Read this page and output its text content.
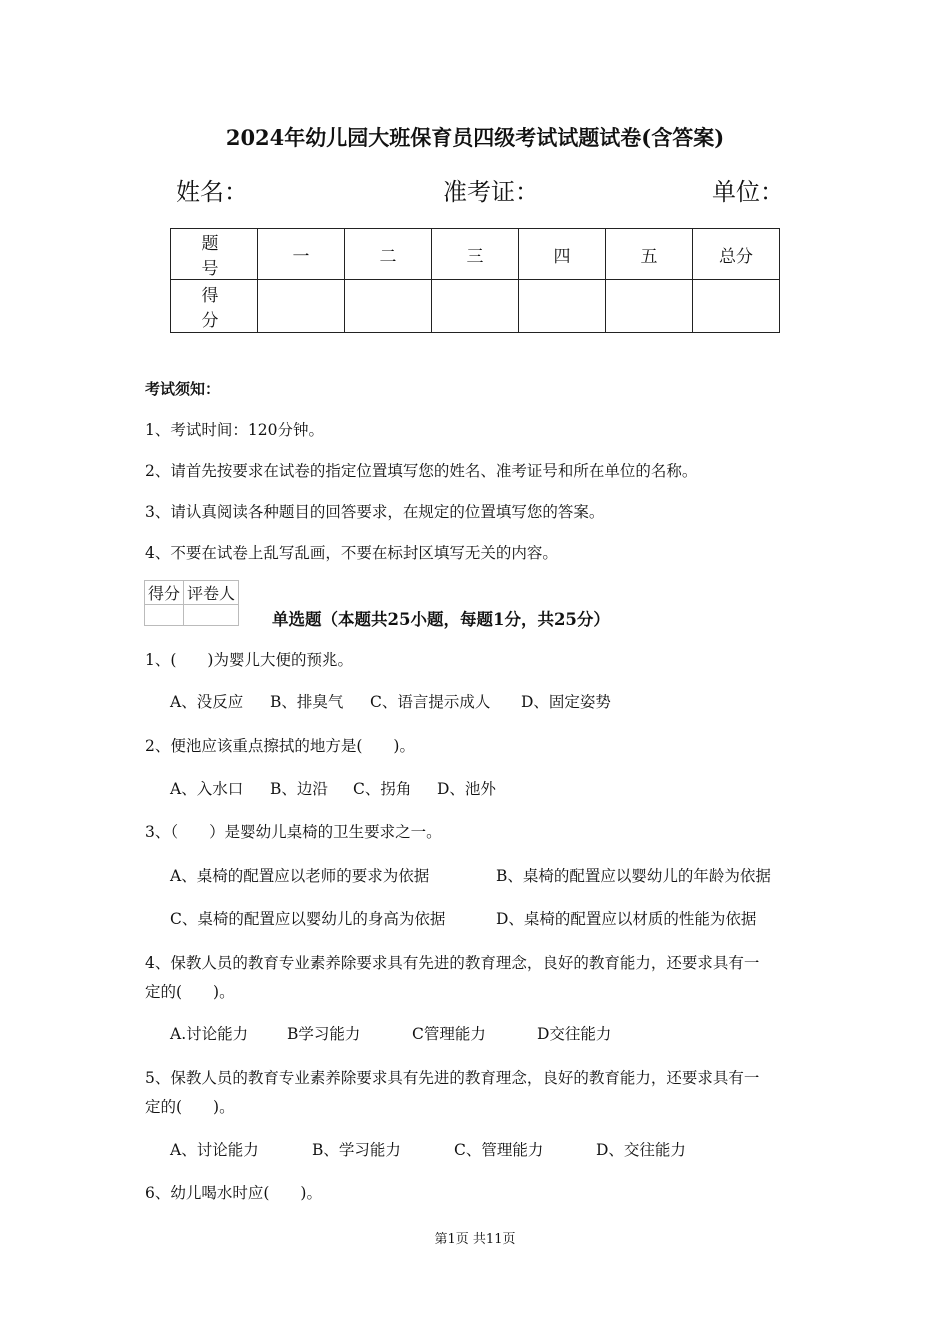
2024年幼儿园大班保育员四级考试试题试卷(含答案)
姓名：	准考证：	单位：
题　号	一	二	三	四	五	总分
得　分						
考试须知：
1、考试时间：120分钟。
2、请首先按要求在试卷的指定位置填写您的姓名、准考证号和所在单位的名称。
3、请认真阅读各种题目的回答要求，在规定的位置填写您的答案。
4、不要在试卷上乱写乱画，不要在标封区填写无关的内容。
得分	评卷人

单选题（本题共25小题，每题1分，共25分）
1、(　　)为婴儿大便的预兆。
A、没反应 B、排臭气 C、语言提示成人 D、固定姿势
2、便池应该重点擦拭的地方是(　　)。
A、入水口 B、边沿 C、拐角 D、池外
3、（　　）是婴幼儿桌椅的卫生要求之一。
A、桌椅的配置应以老师的要求为依据	B、桌椅的配置应以婴幼儿的年龄为依据
C、桌椅的配置应以婴幼儿的身高为依据	D、桌椅的配置应以材质的性能为依据
4、保教人员的教育专业素养除要求具有先进的教育理念，良好的教育能力，还要求具有一
定的(　　)。
A.讨论能力	B学习能力	C管理能力	D交往能力
5、保教人员的教育专业素养除要求具有先进的教育理念，良好的教育能力，还要求具有一
定的(　　)。
A、讨论能力	B、学习能力	C、管理能力	D、交往能力
6、幼儿喝水时应(　　)。
第1页 共11页
